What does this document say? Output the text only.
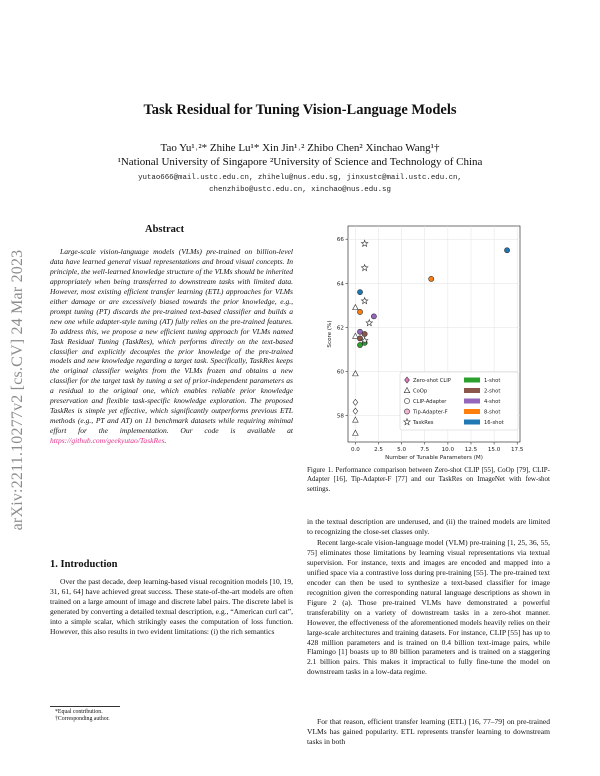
arXiv:2211.10277v2 [cs.CV] 24 Mar 2023
Task Residual for Tuning Vision-Language Models
Tao Yu¹˒²* Zhihe Lu¹* Xin Jin¹˒² Zhibo Chen² Xinchao Wang¹†
¹National University of Singapore ²University of Science and Technology of China
yutao666@mail.ustc.edu.cn, zhihelu@nus.edu.sg, jinxustc@mail.ustc.edu.cn,
chenzhibo@ustc.edu.cn, xinchao@nus.edu.sg
Abstract
Large-scale vision-language models (VLMs) pre-trained on billion-level data have learned general visual representations and broad visual concepts. In principle, the well-learned knowledge structure of the VLMs should be inherited appropriately when being transferred to downstream tasks with limited data. However, most existing efficient transfer learning (ETL) approaches for VLMs either damage or are excessively biased towards the prior knowledge, e.g., prompt tuning (PT) discards the pre-trained text-based classifier and builds a new one while adapter-style tuning (AT) fully relies on the pre-trained features. To address this, we propose a new efficient tuning approach for VLMs named Task Residual Tuning (TaskRes), which performs directly on the text-based classifier and explicitly decouples the prior knowledge of the pre-trained models and new knowledge regarding a target task. Specifically, TaskRes keeps the original classifier weights from the VLMs frozen and obtains a new classifier for the target task by tuning a set of prior-independent parameters as a residual to the original one, which enables reliable prior knowledge preservation and flexible task-specific knowledge exploration. The proposed TaskRes is simple yet effective, which significantly outperforms previous ETL methods (e.g., PT and AT) on 11 benchmark datasets while requiring minimal effort for the implementation. Our code is available at https://github.com/geekyutao/TaskRes.
1. Introduction
Over the past decade, deep learning-based visual recognition models [10, 19, 31, 61, 64] have achieved great success. These state-of-the-art models are often trained on a large amount of image and discrete label pairs. The discrete label is generated by converting a detailed textual description, e.g., “American curl cat”, into a simple scalar, which strikingly eases the computation of loss function. However, this also results in two evident limitations: (i) the rich semantics
*Equal contribution.
†Corresponding author.
0.0	2.5	5.0	7.5 10.0 12.5 15.0 17.5
58
60
62
64
66
Number of Tunable Parameters (M)
Score (%)
Zero-shot CLIP
CoOp
CLIP-Adapter
Tip-Adapter-F
TaskRes
1-shot
2-shot
4-shot
8-shot
16-shot
Figure 1. Performance comparison between Zero-shot CLIP [55], CoOp [79], CLIP-Adapter [16], Tip-Adapter-F [77] and our TaskRes on ImageNet with few-shot settings.
in the textual description are underused, and (ii) the trained models are limited to recognizing the close-set classes only.
Recent large-scale vision-language model (VLM) pre-training [1, 25, 36, 55, 75] eliminates those limitations by learning visual representations via textual supervision. For instance, texts and images are encoded and mapped into a unified space via a contrastive loss during pre-training [55]. The pre-trained text encoder can then be used to synthesize a text-based classifier for image recognition given the corresponding natural language descriptions as shown in Figure 2 (a). Those pre-trained VLMs have demonstrated a powerful transferability on a variety of downstream tasks in a zero-shot manner. However, the effectiveness of the aforementioned models heavily relies on their large-scale architectures and training datasets. For instance, CLIP [55] has up to 428 million parameters and is trained on 0.4 billion text-image pairs, while Flamingo [1] boasts up to 80 billion parameters and is trained on a staggering 2.1 billion pairs. This makes it impractical to fully fine-tune the model on downstream tasks in a low-data regime.
For that reason, efficient transfer learning (ETL) [16, 77–79] on pre-trained VLMs has gained popularity. ETL represents transfer learning to downstream tasks in both
